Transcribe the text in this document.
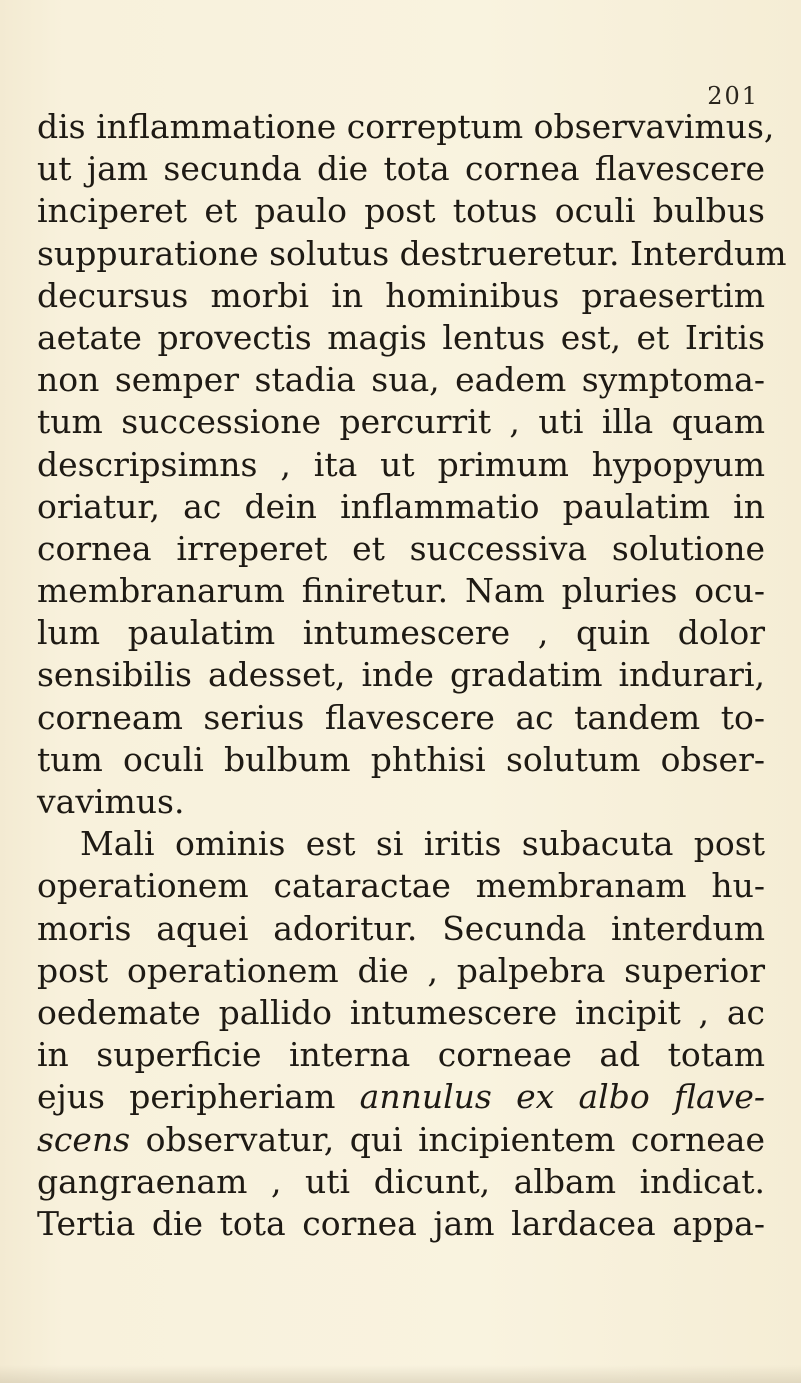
201
dis inflammatione correptum observavimus,
ut jam secunda die tota cornea flavescere
inciperet et paulo post totus oculi bulbus
suppuratione solutus destrueretur. Interdum
decursus morbi in hominibus praesertim
aetate provectis magis lentus est, et Iritis
non semper stadia sua, eadem symptoma-
tum successione percurrit , uti illa quam
descripsimns , ita ut primum hypopyum
oriatur, ac dein inflammatio paulatim in
cornea irreperet et successiva solutione
membranarum finiretur. Nam pluries ocu-
lum paulatim intumescere , quin dolor
sensibilis adesset, inde gradatim indurari,
corneam serius flavescere ac tandem to-
tum oculi bulbum phthisi solutum obser-
vavimus.
Mali ominis est si iritis subacuta post
operationem cataractae membranam hu-
moris aquei adoritur. Secunda interdum
post operationem die , palpebra superior
oedemate pallido intumescere incipit , ac
in superficie interna corneae ad totam
ejus peripheriam annulus ex albo flave-
scens observatur, qui incipientem corneae
gangraenam , uti dicunt, albam indicat.
Tertia die tota cornea jam lardacea appa-
